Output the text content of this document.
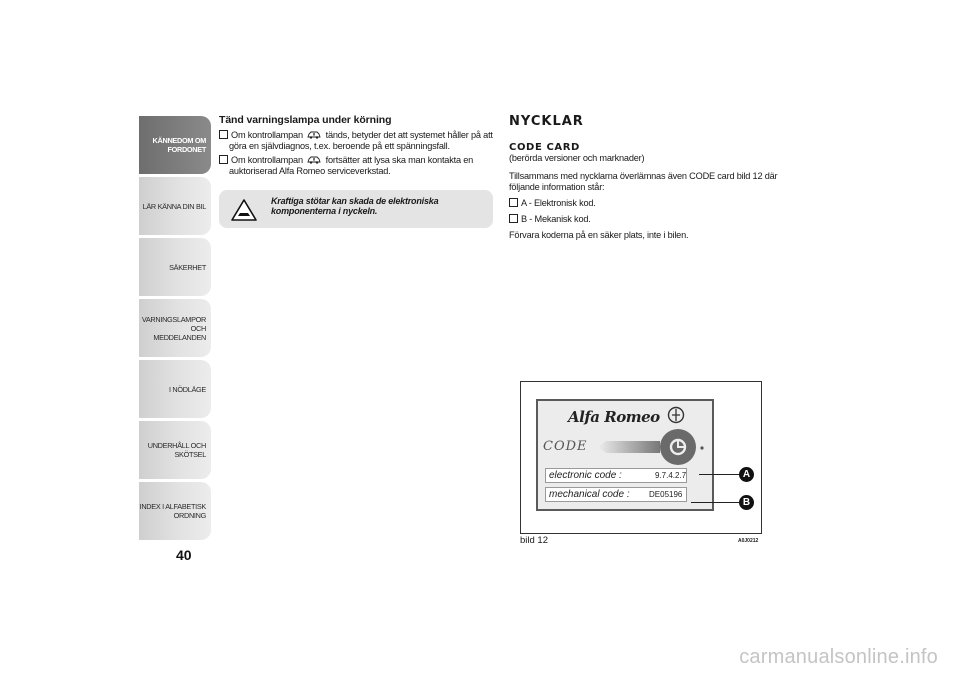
KÄNNEDOM OM FORDONET
LÄR KÄNNA DIN BIL
SÄKERHET
VARNINGSLAMPOR OCH MEDDELANDEN
I NÖDLÄGE
UNDERHÅLL OCH SKÖTSEL
INDEX I ALFABETISK ORDNING
40

Tänd varningslampa under körning

Om kontrollampan tänds, betyder det att systemet håller på att göra en självdiagnos, t.ex. beroende på ett spänningsfall.

Om kontrollampan fortsätter att lysa ska man kontakta en auktoriserad Alfa Romeo serviceverkstad.

Kraftiga stötar kan skada de elektroniska komponenterna i nyckeln.

NYCKLAR

CODE CARD

(berörda versioner och marknader)

Tillsammans med nycklarna överlämnas även CODE card bild 12 där följande information står:

A - Elektronisk kod.

B - Mekanisk kod.

Förvara koderna på en säker plats, inte i bilen.

Alfa Romeo
CODE
electronic code :	9.7.4.2.7
mechanical code : DE05196
A
B
bild 12	A0J0212
carmanualsonline.info
